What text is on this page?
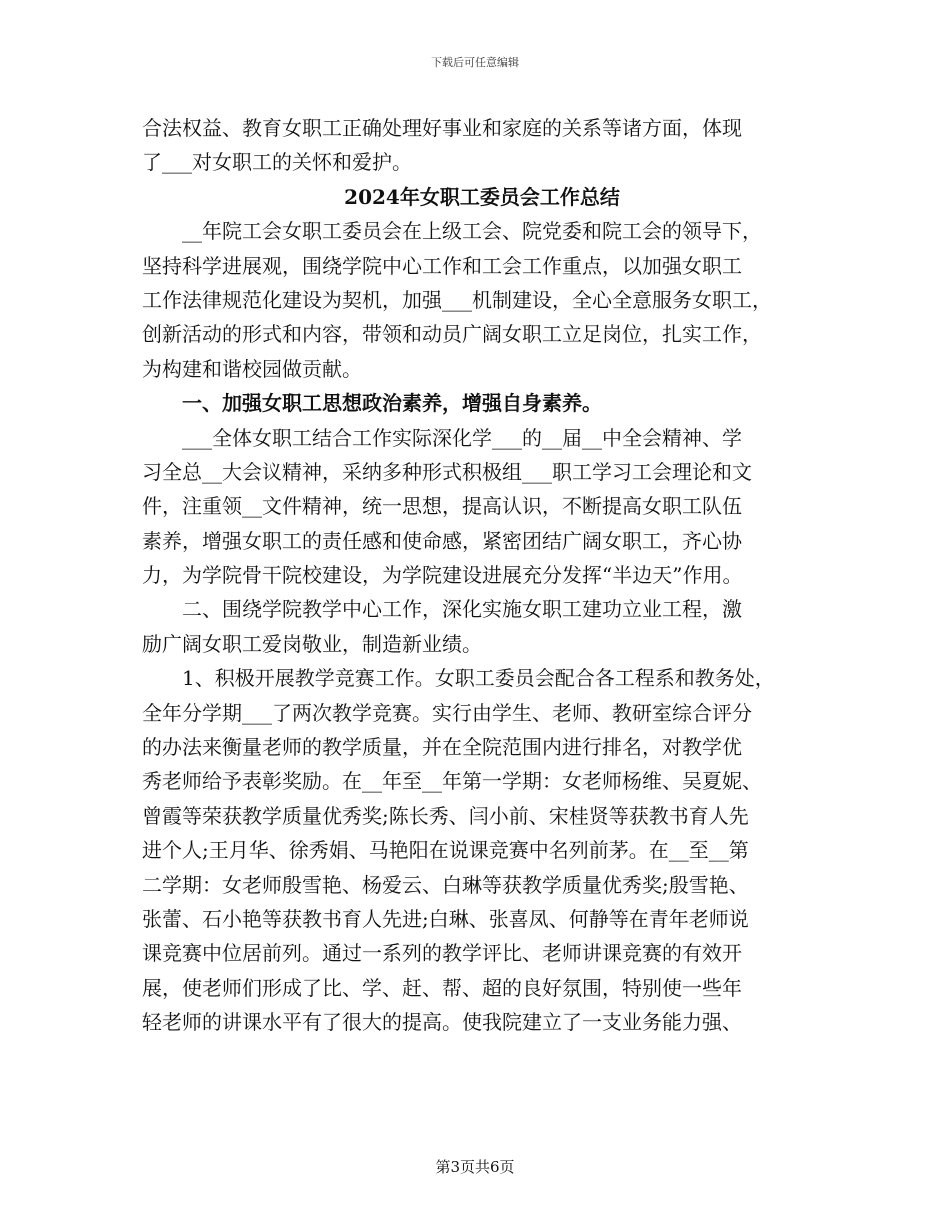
下载后可任意编辑
合法权益、教育女职工正确处理好事业和家庭的关系等诸方面，体现
了___对女职工的关怀和爱护。
2024年女职工委员会工作总结
__年院工会女职工委员会在上级工会、院党委和院工会的领导下，
坚持科学进展观，围绕学院中心工作和工会工作重点，以加强女职工
工作法律规范化建设为契机，加强___机制建设，全心全意服务女职工，
创新活动的形式和内容，带领和动员广阔女职工立足岗位，扎实工作，
为构建和谐校园做贡献。
一、加强女职工思想政治素养，增强自身素养。
___全体女职工结合工作实际深化学___的__届__中全会精神、学
习全总__大会议精神，采纳多种形式积极组___职工学习工会理论和文
件，注重领__文件精神，统一思想，提高认识，不断提高女职工队伍
素养，增强女职工的责任感和使命感，紧密团结广阔女职工，齐心协
力，为学院骨干院校建设，为学院建设进展充分发挥“半边天”作用。
二、围绕学院教学中心工作，深化实施女职工建功立业工程，激
励广阔女职工爱岗敬业，制造新业绩。
1、积极开展教学竞赛工作。女职工委员会配合各工程系和教务处，
全年分学期___了两次教学竞赛。实行由学生、老师、教研室综合评分
的办法来衡量老师的教学质量，并在全院范围内进行排名，对教学优
秀老师给予表彰奖励。在__年至__年第一学期：女老师杨维、吴夏妮、
曾霞等荣获教学质量优秀奖;陈长秀、闫小前、宋桂贤等获教书育人先
进个人;王月华、徐秀娟、马艳阳在说课竞赛中名列前茅。在__至__第
二学期：女老师殷雪艳、杨爱云、白琳等获教学质量优秀奖;殷雪艳、
张蕾、石小艳等获教书育人先进;白琳、张喜凤、何静等在青年老师说
课竞赛中位居前列。通过一系列的教学评比、老师讲课竞赛的有效开
展，使老师们形成了比、学、赶、帮、超的良好氛围，特别使一些年
轻老师的讲课水平有了很大的提高。使我院建立了一支业务能力强、
第3页共6页
